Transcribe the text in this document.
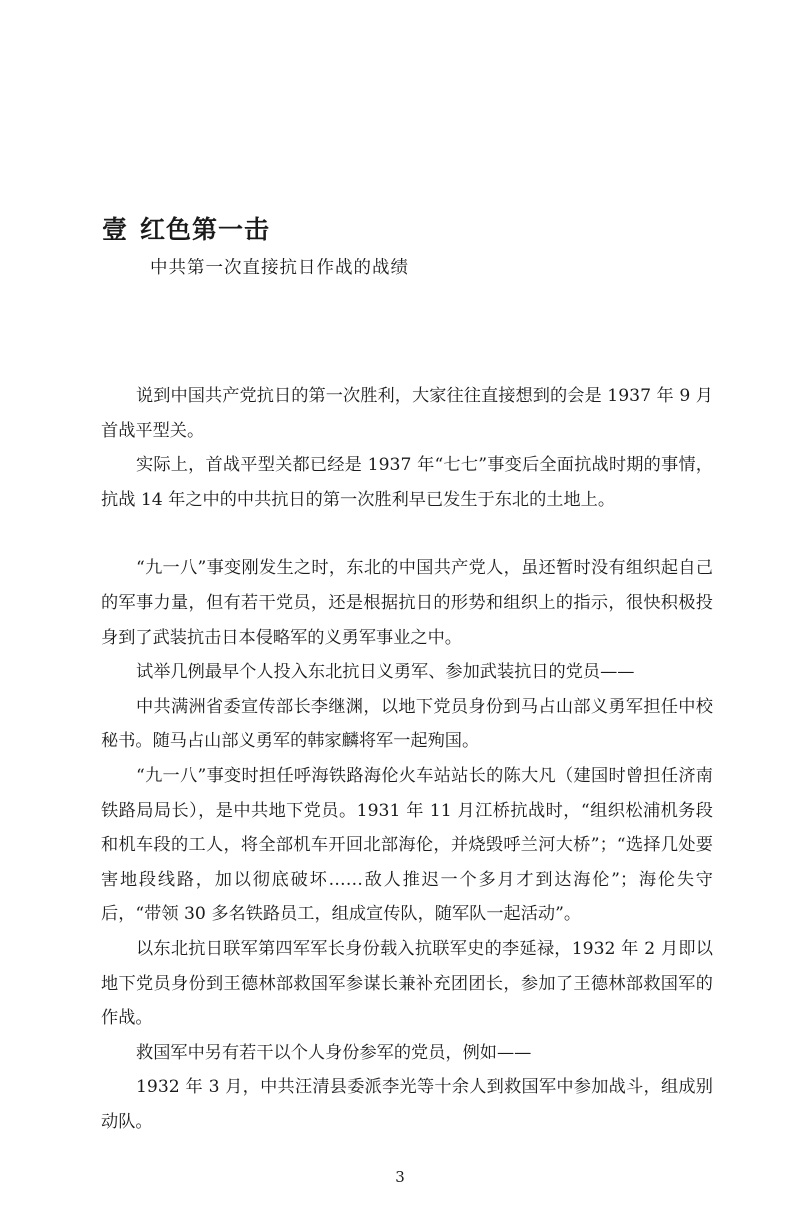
壹 红色第一击
中共第一次直接抗日作战的战绩

说到中国共产党抗日的第一次胜利，大家往往直接想到的会是 1937 年 9 月首战平型关。

实际上，首战平型关都已经是 1937 年“七七”事变后全面抗战时期的事情，抗战 14 年之中的中共抗日的第一次胜利早已发生于东北的土地上。

“九一八”事变刚发生之时，东北的中国共产党人，虽还暂时没有组织起自己的军事力量，但有若干党员，还是根据抗日的形势和组织上的指示，很快积极投身到了武装抗击日本侵略军的义勇军事业之中。

试举几例最早个人投入东北抗日义勇军、参加武装抗日的党员——

中共满洲省委宣传部长李继渊，以地下党员身份到马占山部义勇军担任中校秘书。随马占山部义勇军的韩家麟将军一起殉国。

“九一八”事变时担任呼海铁路海伦火车站站长的陈大凡（建国时曾担任济南铁路局局长），是中共地下党员。1931 年 11 月江桥抗战时，“组织松浦机务段和机车段的工人，将全部机车开回北部海伦，并烧毁呼兰河大桥”；“选择几处要害地段线路，加以彻底破坏……敌人推迟一个多月才到达海伦”；海伦失守后，“带领 30 多名铁路员工，组成宣传队，随军队一起活动”。

以东北抗日联军第四军军长身份载入抗联军史的李延禄，1932 年 2 月即以地下党员身份到王德林部救国军参谋长兼补充团团长，参加了王德林部救国军的作战。

救国军中另有若干以个人身份参军的党员，例如——

1932 年 3 月，中共汪清县委派李光等十余人到救国军中参加战斗，组成别动队。

3
